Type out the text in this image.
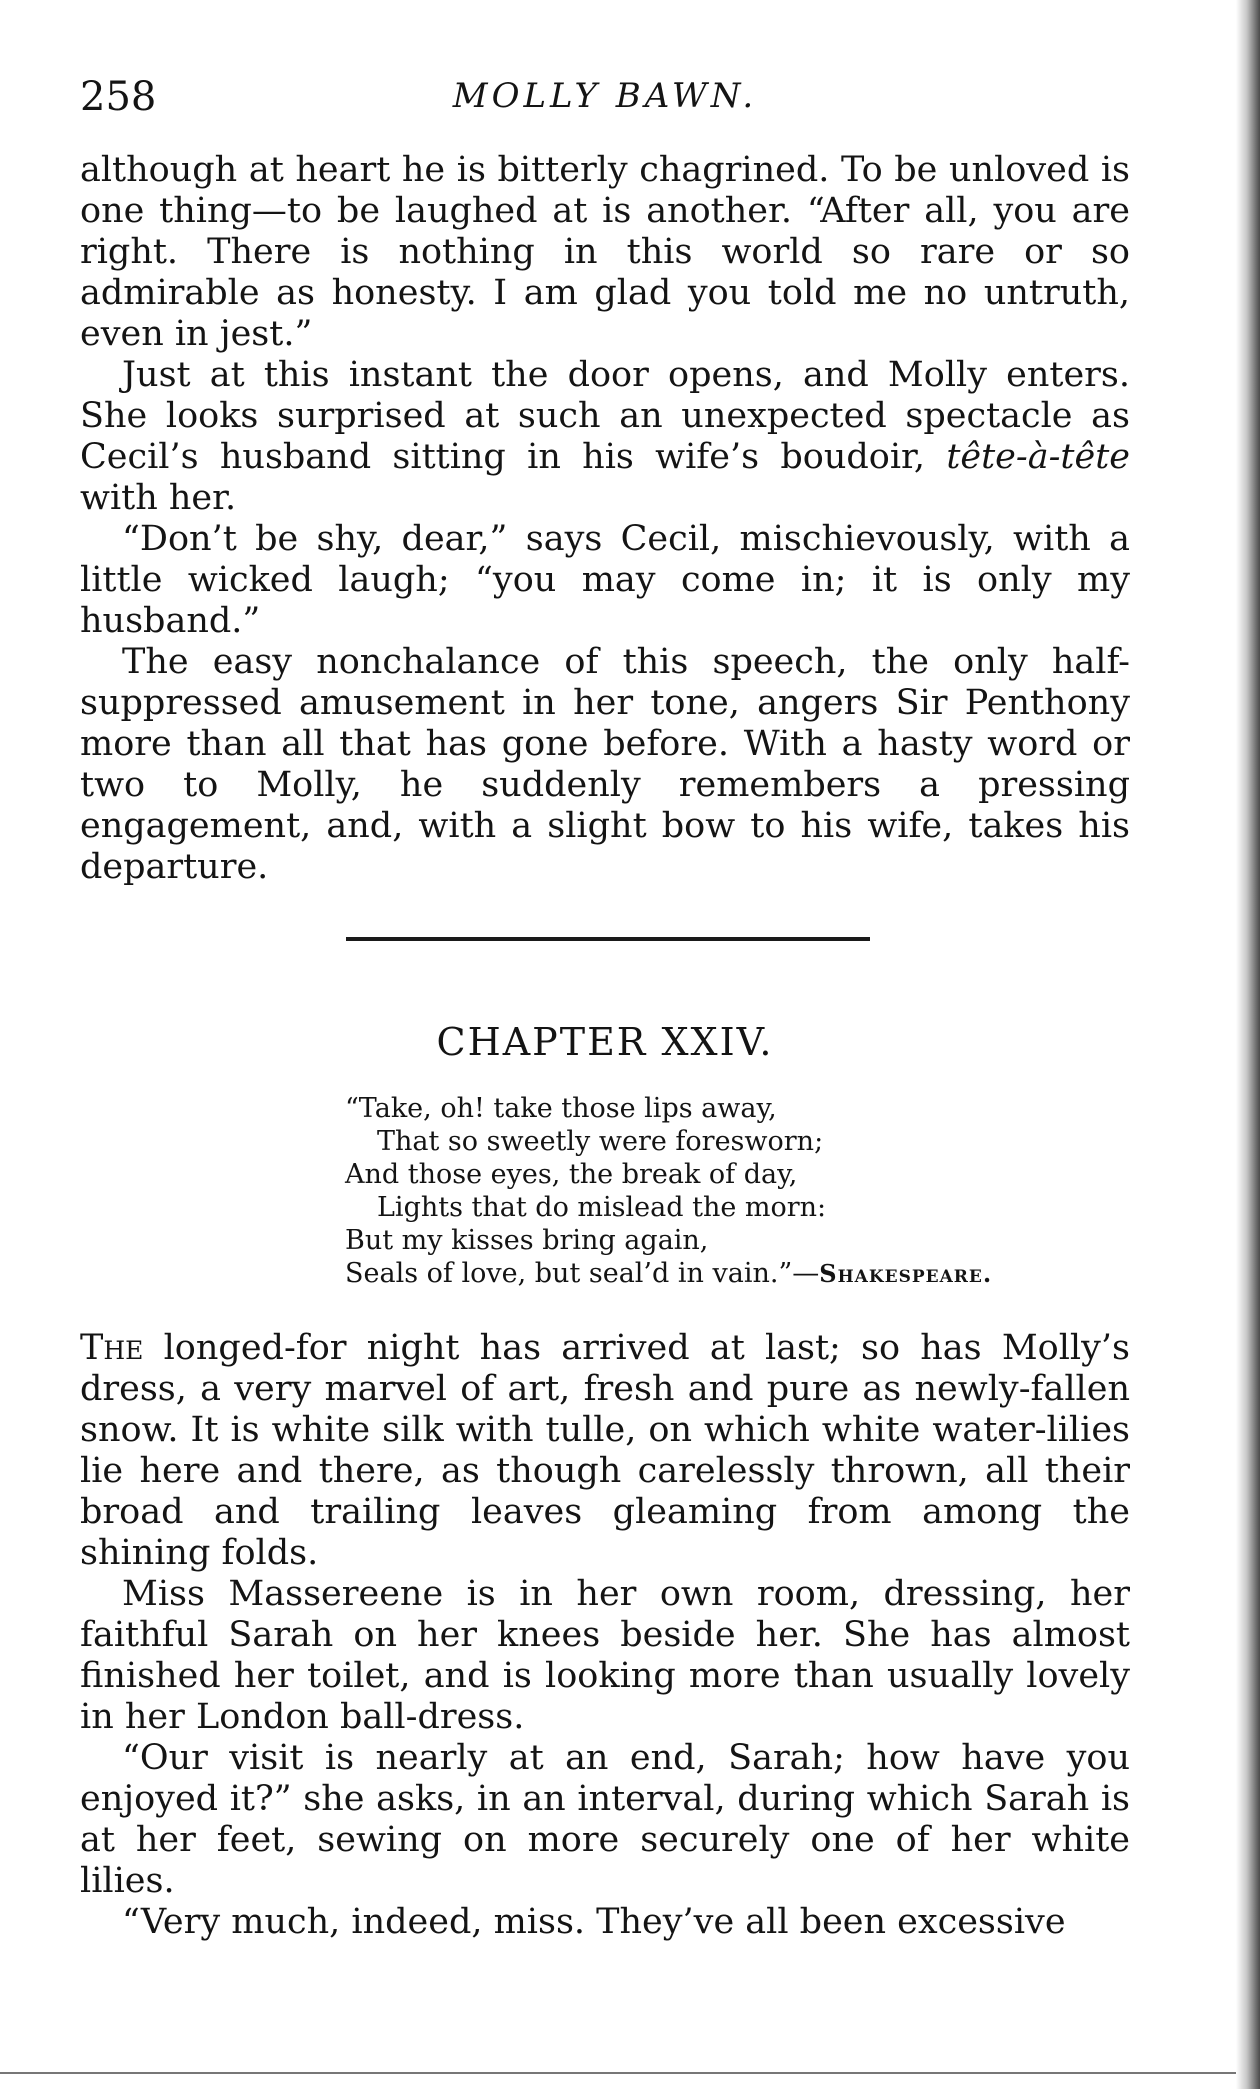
258	MOLLY BAWN.

although at heart he is bitterly chagrined. To be unloved is one thing—to be laughed at is another. “After all, you are right. There is nothing in this world so rare or so admirable as honesty. I am glad you told me no untruth, even in jest.”

Just at this instant the door opens, and Molly enters. She looks surprised at such an unexpected spectacle as Cecil’s husband sitting in his wife’s boudoir, tête-à-tête with her.

“Don’t be shy, dear,” says Cecil, mischievously, with a little wicked laugh; “you may come in; it is only my husband.”

The easy nonchalance of this speech, the only half-suppressed amusement in her tone, angers Sir Penthony more than all that has gone before. With a hasty word or two to Molly, he suddenly remembers a pressing engagement, and, with a slight bow to his wife, takes his departure.

CHAPTER XXIV.
“Take, oh! take those lips away,
That so sweetly were foresworn;
And those eyes, the break of day,
Lights that do mislead the morn:
But my kisses bring again,
Seals of love, but seal’d in vain.”—Shakespeare.

The longed-for night has arrived at last; so has Molly’s dress, a very marvel of art, fresh and pure as newly-fallen snow. It is white silk with tulle, on which white water-lilies lie here and there, as though carelessly thrown, all their broad and trailing leaves gleaming from among the shining folds.

Miss Massereene is in her own room, dressing, her faithful Sarah on her knees beside her. She has almost finished her toilet, and is looking more than usually lovely in her London ball-dress.

“Our visit is nearly at an end, Sarah; how have you enjoyed it?” she asks, in an interval, during which Sarah is at her feet, sewing on more securely one of her white lilies.

“Very much, indeed, miss. They’ve all been excessive
